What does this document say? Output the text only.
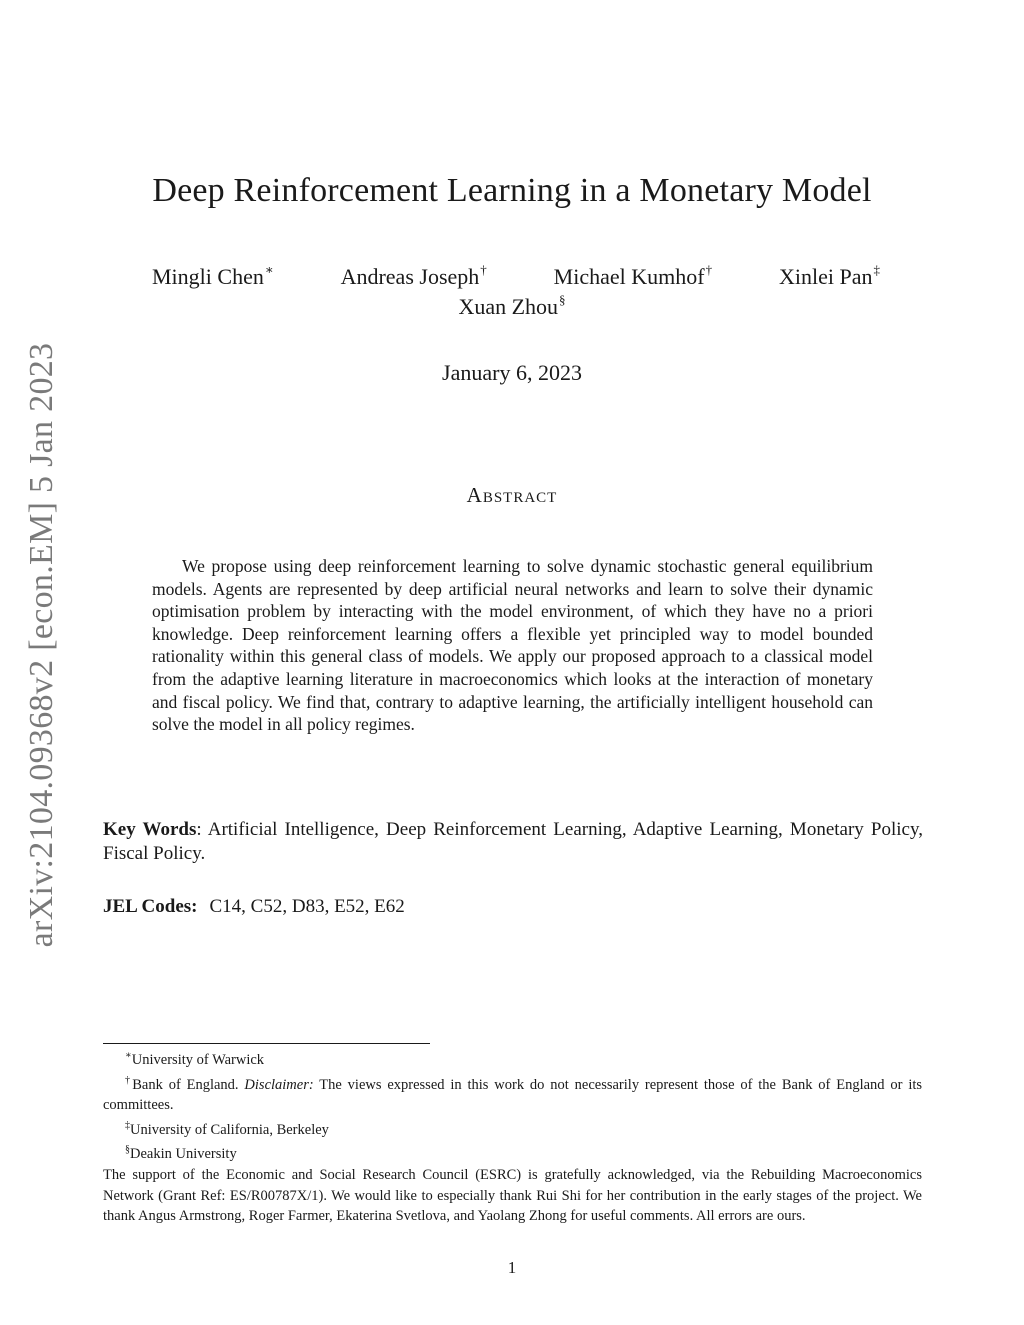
arXiv:2104.09368v2 [econ.EM] 5 Jan 2023
Deep Reinforcement Learning in a Monetary Model
Mingli Chen∗	Andreas Joseph†	Michael Kumhof†	Xinlei Pan‡
Xuan Zhou§
January 6, 2023
Abstract

We propose using deep reinforcement learning to solve dynamic stochastic general equilibrium models. Agents are represented by deep artificial neural networks and learn to solve their dynamic optimisation problem by interacting with the model environment, of which they have no a priori knowledge. Deep reinforcement learning offers a flexible yet principled way to model bounded rationality within this general class of models. We apply our proposed approach to a classical model from the adaptive learning literature in macroeconomics which looks at the interaction of monetary and fiscal policy. We find that, contrary to adaptive learning, the artificially intelligent household can solve the model in all policy regimes.

Key Words: Artificial Intelligence, Deep Reinforcement Learning, Adaptive Learning, Monetary Policy, Fiscal Policy.

JEL Codes: C14, C52, D83, E52, E62

∗University of Warwick

†Bank of England. Disclaimer: The views expressed in this work do not necessarily represent those of the Bank of England or its committees.

‡University of California, Berkeley

§Deakin University

The support of the Economic and Social Research Council (ESRC) is gratefully acknowledged, via the Rebuilding Macroeconomics Network (Grant Ref: ES/R00787X/1). We would like to especially thank Rui Shi for her contribution in the early stages of the project. We thank Angus Armstrong, Roger Farmer, Ekaterina Svetlova, and Yaolang Zhong for useful comments. All errors are ours.

1
